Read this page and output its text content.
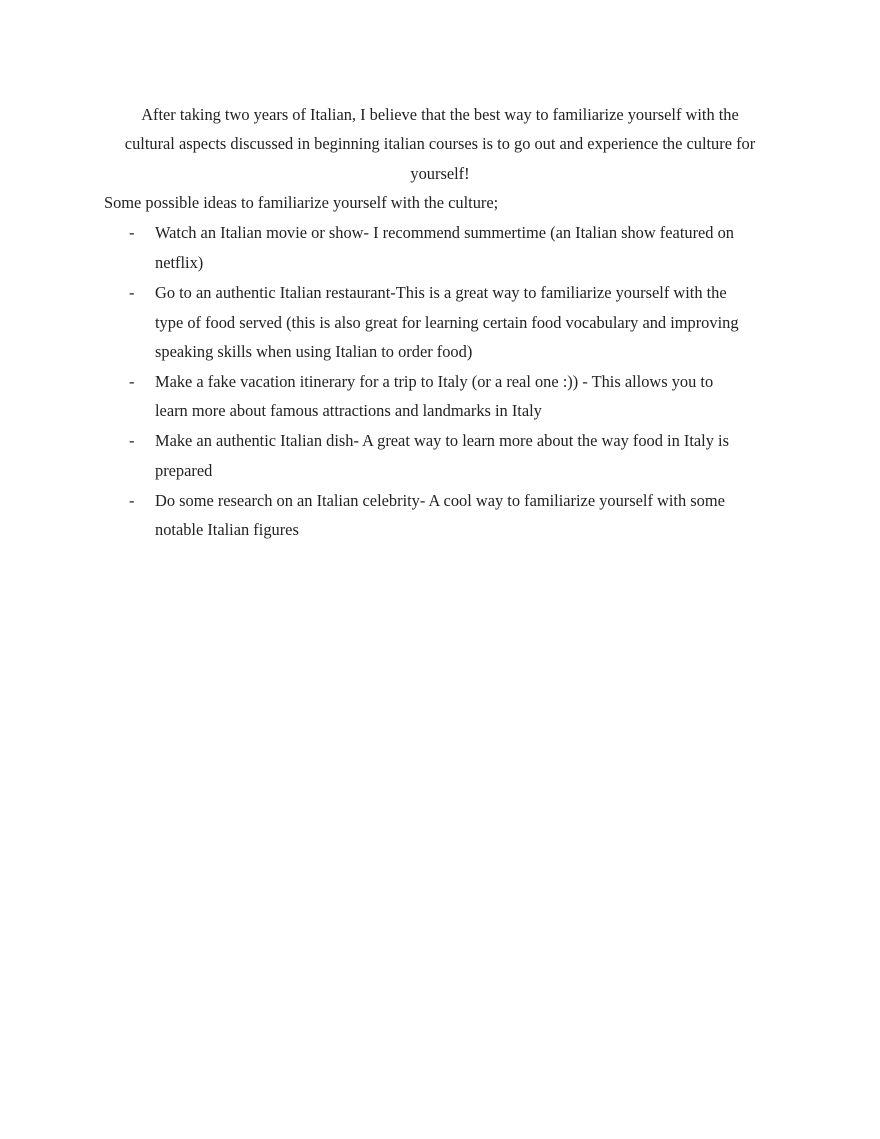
After taking two years of Italian, I believe that the best way to familiarize yourself with the
cultural aspects discussed in beginning italian courses is to go out and experience the culture for
yourself!
Some possible ideas to familiarize yourself with the culture;
- Watch an Italian movie or show- I recommend summertime (an Italian show featured on
netflix)
- Go to an authentic Italian restaurant-This is a great way to familiarize yourself with the
type of food served (this is also great for learning certain food vocabulary and improving
speaking skills when using Italian to order food)
- Make a fake vacation itinerary for a trip to Italy (or a real one :)) - This allows you to
learn more about famous attractions and landmarks in Italy
- Make an authentic Italian dish- A great way to learn more about the way food in Italy is
prepared
- Do some research on an Italian celebrity- A cool way to familiarize yourself with some
notable Italian figures
